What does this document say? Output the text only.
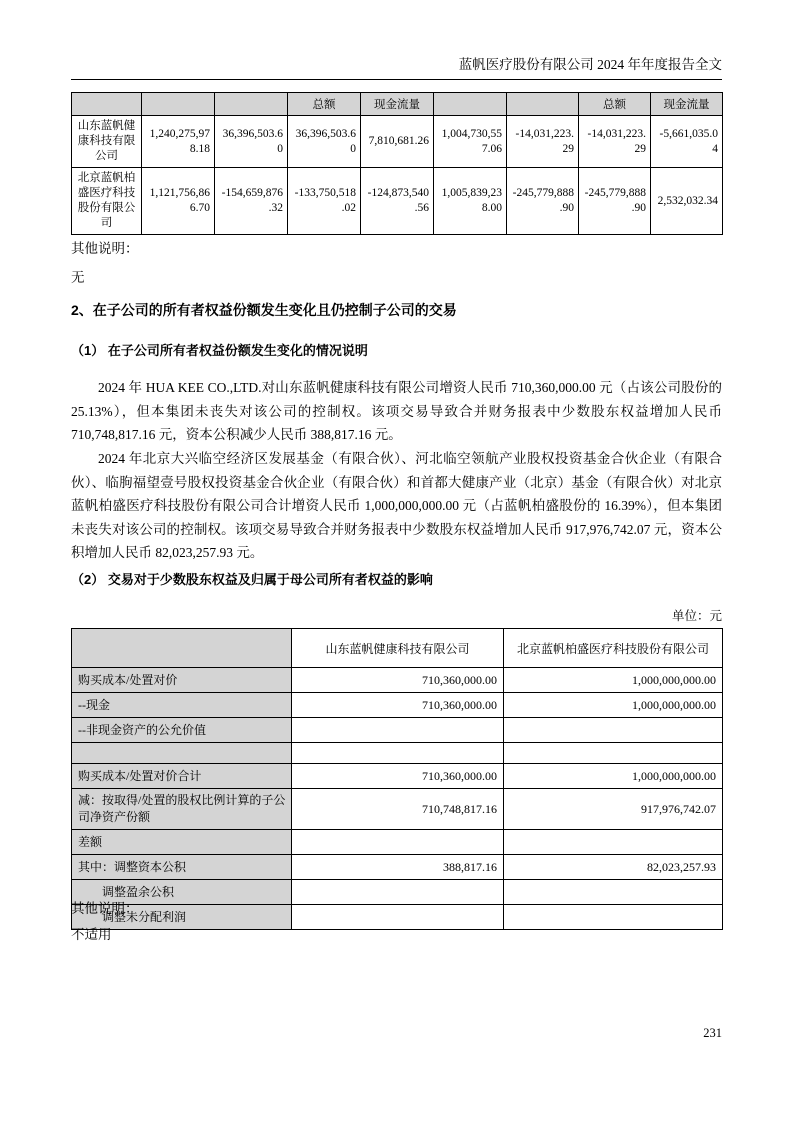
蓝帆医疗股份有限公司 2024 年年度报告全文
			总额	现金流量			总额	现金流量
山东蓝帆健康科技有限公司	1,240,275,978.18	36,396,503.60	36,396,503.60	7,810,681.26	1,004,730,557.06	-14,031,223.29	-14,031,223.29	-5,661,035.04
北京蓝帆柏盛医疗科技股份有限公司	1,121,756,866.70	-154,659,876.32	-133,750,518.02	-124,873,540.56	1,005,839,238.00	-245,779,888.90	-245,779,888.90	2,532,032.34
其他说明：
无
2、在子公司的所有者权益份额发生变化且仍控制子公司的交易
（1） 在子公司所有者权益份额发生变化的情况说明
2024 年 HUA KEE CO.,LTD.对山东蓝帆健康科技有限公司增资人民币 710,360,000.00 元（占该公司股份的 25.13%），但本集团未丧失对该公司的控制权。该项交易导致合并财务报表中少数股东权益增加人民币 710,748,817.16 元，资本公积减少人民币 388,817.16 元。
2024 年北京大兴临空经济区发展基金（有限合伙）、河北临空领航产业股权投资基金合伙企业（有限合伙）、临朐福望壹号股权投资基金合伙企业（有限合伙）和首都大健康产业（北京）基金（有限合伙）对北京蓝帆柏盛医疗科技股份有限公司合计增资人民币 1,000,000,000.00 元（占蓝帆柏盛股份的 16.39%），但本集团未丧失对该公司的控制权。该项交易导致合并财务报表中少数股东权益增加人民币 917,976,742.07 元，资本公积增加人民币 82,023,257.93 元。
（2） 交易对于少数股东权益及归属于母公司所有者权益的影响
单位：元
	山东蓝帆健康科技有限公司	北京蓝帆柏盛医疗科技股份有限公司
购买成本/处置对价	710,360,000.00	1,000,000,000.00
--现金	710,360,000.00	1,000,000,000.00
--非现金资产的公允价值		

购买成本/处置对价合计	710,360,000.00	1,000,000,000.00
减：按取得/处置的股权比例计算的子公司净资产份额	710,748,817.16	917,976,742.07
差额		
其中：调整资本公积	388,817.16	82,023,257.93
调整盈余公积		
调整未分配利润		
其他说明：
不适用
231
